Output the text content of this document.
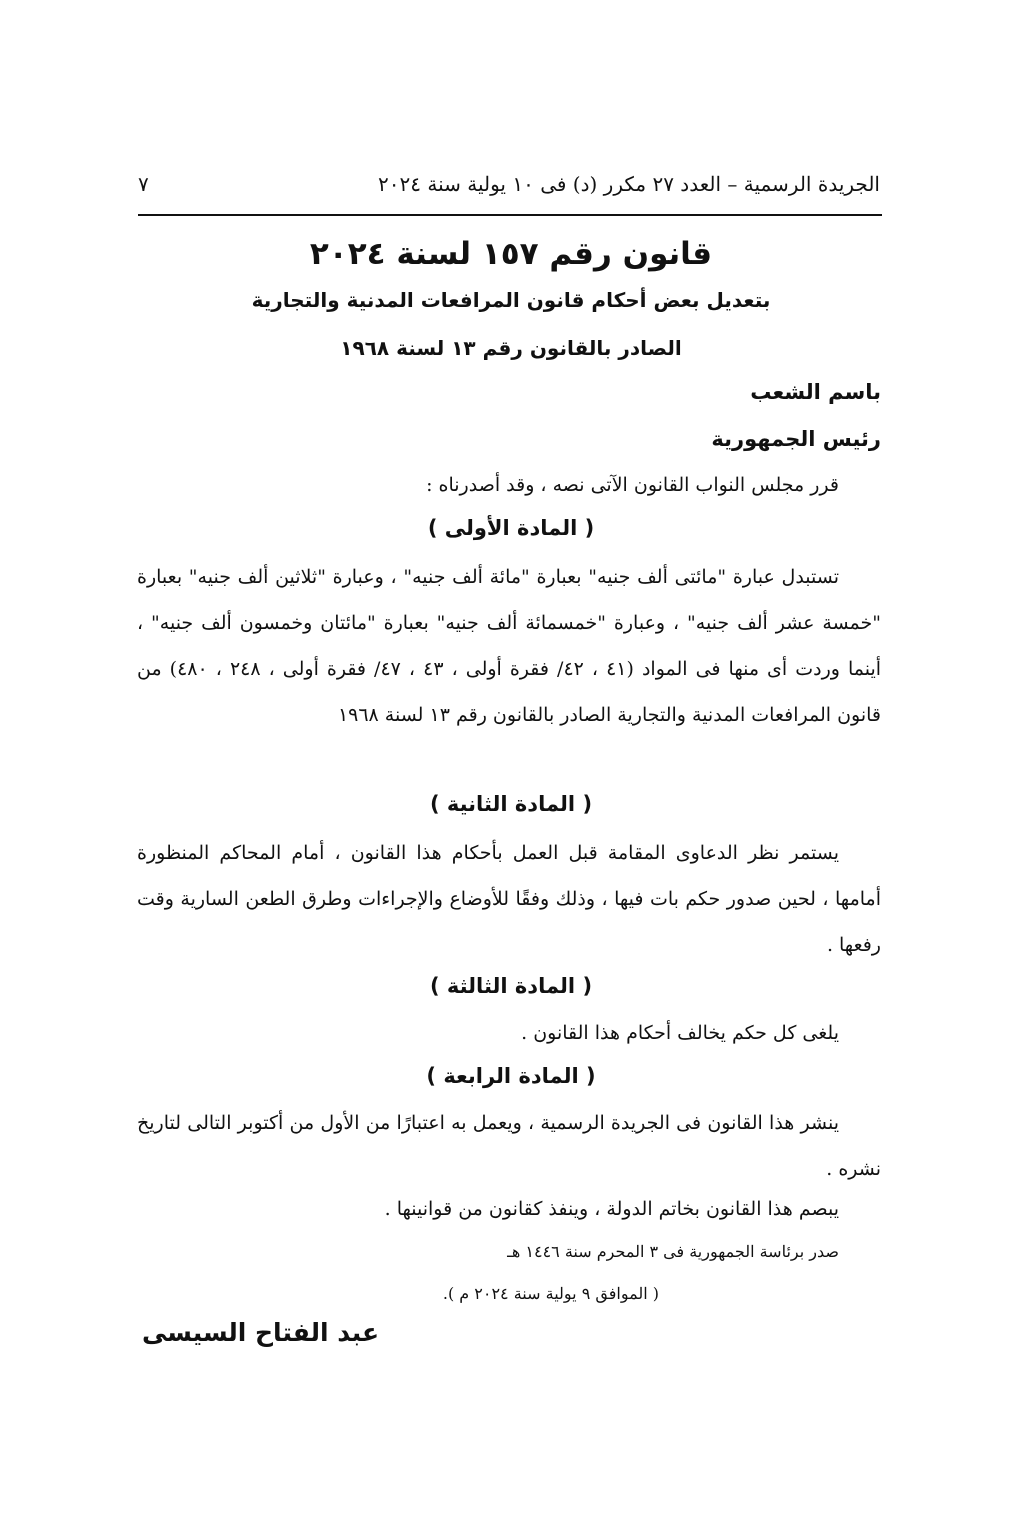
الجريدة الرسمية – العدد ٢٧ مكرر (د) فى ١٠ يولية سنة ٢٠٢٤
٧
قانون رقم ١٥٧ لسنة ٢٠٢٤
بتعديل بعض أحكام قانون المرافعات المدنية والتجارية
الصادر بالقانون رقم ١٣ لسنة ١٩٦٨
باسم الشعب
رئيس الجمهورية
قرر مجلس النواب القانون الآتى نصه ، وقد أصدرناه :
( المادة الأولى )
تستبدل عبارة "مائتى ألف جنيه" بعبارة "مائة ألف جنيه" ، وعبارة "ثلاثين ألف جنيه" بعبارة "خمسة عشر ألف جنيه" ، وعبارة "خمسمائة ألف جنيه" بعبارة "مائتان وخمسون ألف جنيه" ، أينما وردت أى منها فى المواد (٤١ ، ٤٢/ فقرة أولى ، ٤٣ ، ٤٧/ فقرة أولى ، ٢٤٨ ، ٤٨٠) من قانون المرافعات المدنية والتجارية الصادر بالقانون رقم ١٣ لسنة ١٩٦٨
( المادة الثانية )
يستمر نظر الدعاوى المقامة قبل العمل بأحكام هذا القانون ، أمام المحاكم المنظورة أمامها ، لحين صدور حكم بات فيها ، وذلك وفقًا للأوضاع والإجراءات وطرق الطعن السارية وقت رفعها .
( المادة الثالثة )
يلغى كل حكم يخالف أحكام هذا القانون .
( المادة الرابعة )
ينشر هذا القانون فى الجريدة الرسمية ، ويعمل به اعتبارًا من الأول من أكتوبر التالى لتاريخ نشره .
يبصم هذا القانون بخاتم الدولة ، وينفذ كقانون من قوانينها .
صدر برئاسة الجمهورية فى ٣ المحرم سنة ١٤٤٦ هـ
( الموافق ٩ يولية سنة ٢٠٢٤ م ).
عبد الفتاح السيسى
